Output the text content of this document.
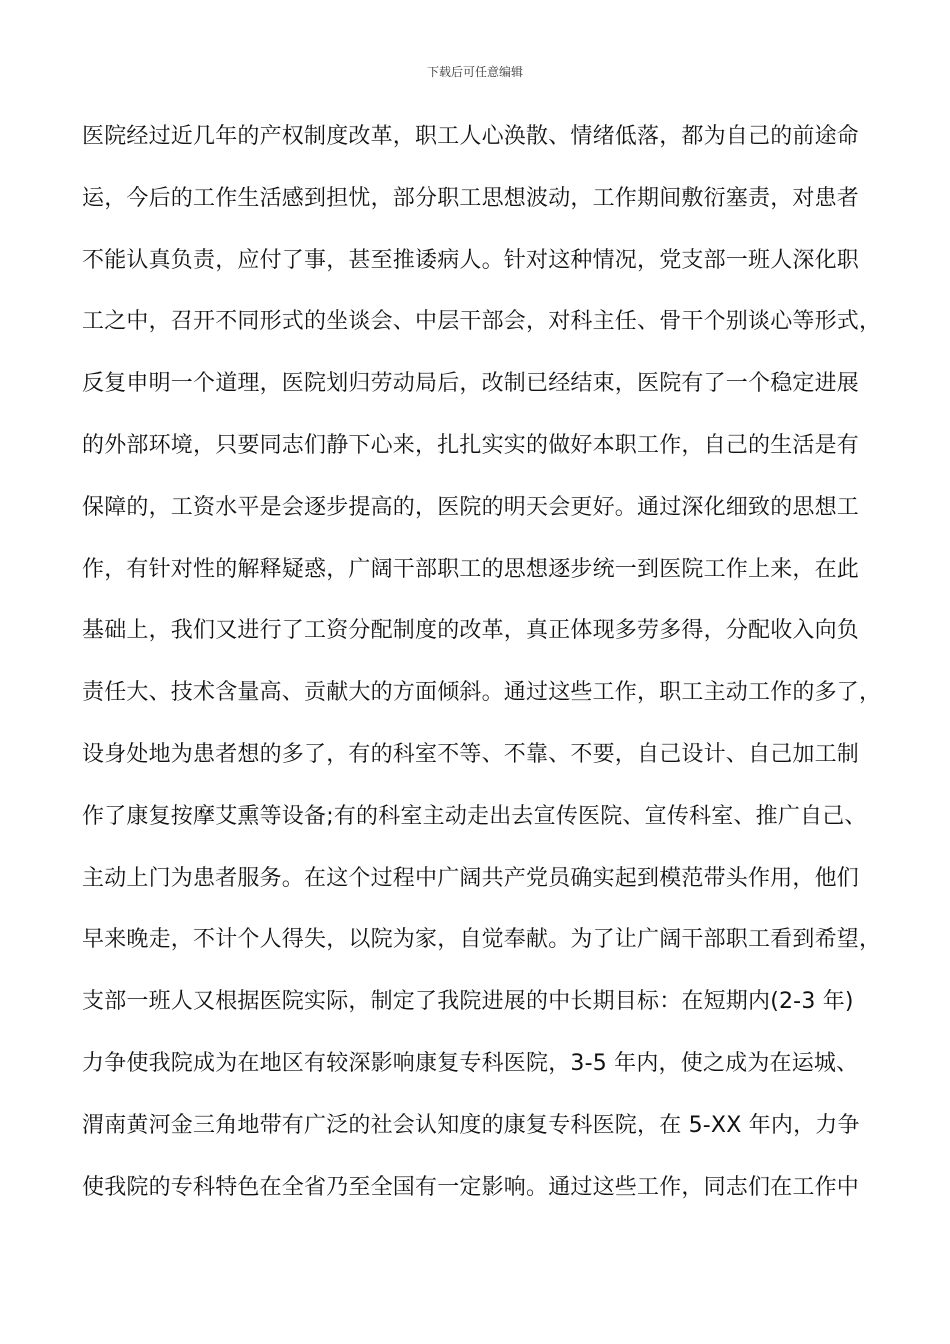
下载后可任意编辑
医院经过近几年的产权制度改革，职工人心涣散、情绪低落，都为自己的前途命
运，今后的工作生活感到担忧，部分职工思想波动，工作期间敷衍塞责，对患者
不能认真负责，应付了事，甚至推诿病人。针对这种情况，党支部一班人深化职
工之中，召开不同形式的坐谈会、中层干部会，对科主任、骨干个别谈心等形式，
反复申明一个道理，医院划归劳动局后，改制已经结束，医院有了一个稳定进展
的外部环境，只要同志们静下心来，扎扎实实的做好本职工作，自己的生活是有
保障的，工资水平是会逐步提高的，医院的明天会更好。通过深化细致的思想工
作，有针对性的解释疑惑，广阔干部职工的思想逐步统一到医院工作上来，在此
基础上，我们又进行了工资分配制度的改革，真正体现多劳多得，分配收入向负
责任大、技术含量高、贡献大的方面倾斜。通过这些工作，职工主动工作的多了，
设身处地为患者想的多了，有的科室不等、不靠、不要，自己设计、自己加工制
作了康复按摩艾熏等设备;有的科室主动走出去宣传医院、宣传科室、推广自己、
主动上门为患者服务。在这个过程中广阔共产党员确实起到模范带头作用，他们
早来晚走，不计个人得失，以院为家，自觉奉献。为了让广阔干部职工看到希望，
支部一班人又根据医院实际，制定了我院进展的中长期目标：在短期内(2-3 年)
力争使我院成为在地区有较深影响康复专科医院，3-5 年内，使之成为在运城、
渭南黄河金三角地带有广泛的社会认知度的康复专科医院，在 5-XX 年内，力争
使我院的专科特色在全省乃至全国有一定影响。通过这些工作，同志们在工作中
